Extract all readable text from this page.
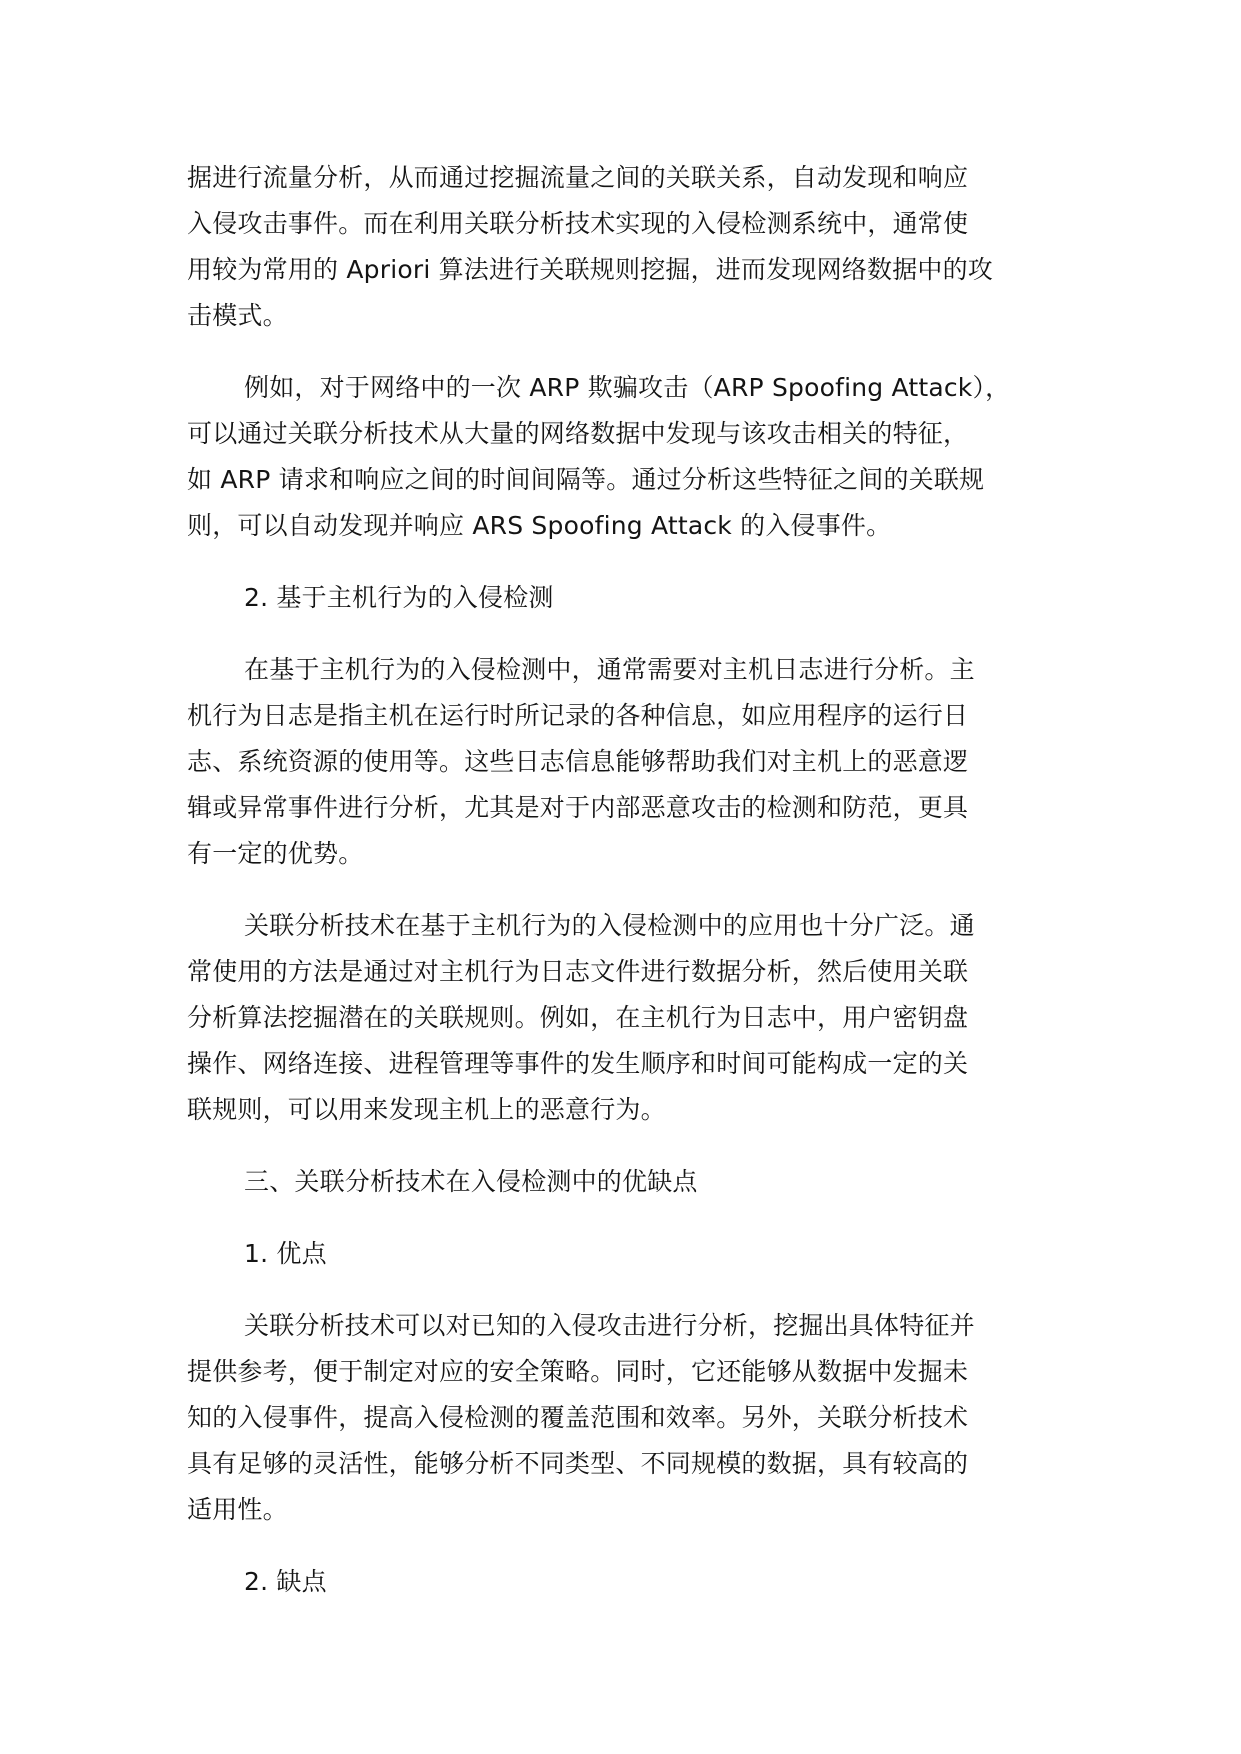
据进行流量分析，从而通过挖掘流量之间的关联关系，自动发现和响应
入侵攻击事件。而在利用关联分析技术实现的入侵检测系统中，通常使
用较为常用的 Apriori 算法进行关联规则挖掘，进而发现网络数据中的攻
击模式。

例如，对于网络中的一次 ARP 欺骗攻击（ARP Spoofing Attack），
可以通过关联分析技术从大量的网络数据中发现与该攻击相关的特征，
如 ARP 请求和响应之间的时间间隔等。通过分析这些特征之间的关联规
则，可以自动发现并响应 ARS Spoofing Attack 的入侵事件。

2. 基于主机行为的入侵检测

在基于主机行为的入侵检测中，通常需要对主机日志进行分析。主
机行为日志是指主机在运行时所记录的各种信息，如应用程序的运行日
志、系统资源的使用等。这些日志信息能够帮助我们对主机上的恶意逻
辑或异常事件进行分析，尤其是对于内部恶意攻击的检测和防范，更具
有一定的优势。

关联分析技术在基于主机行为的入侵检测中的应用也十分广泛。通
常使用的方法是通过对主机行为日志文件进行数据分析，然后使用关联
分析算法挖掘潜在的关联规则。例如，在主机行为日志中，用户密钥盘
操作、网络连接、进程管理等事件的发生顺序和时间可能构成一定的关
联规则，可以用来发现主机上的恶意行为。

三、关联分析技术在入侵检测中的优缺点

1. 优点

关联分析技术可以对已知的入侵攻击进行分析，挖掘出具体特征并
提供参考，便于制定对应的安全策略。同时，它还能够从数据中发掘未
知的入侵事件，提高入侵检测的覆盖范围和效率。另外，关联分析技术
具有足够的灵活性，能够分析不同类型、不同规模的数据，具有较高的
适用性。

2. 缺点
